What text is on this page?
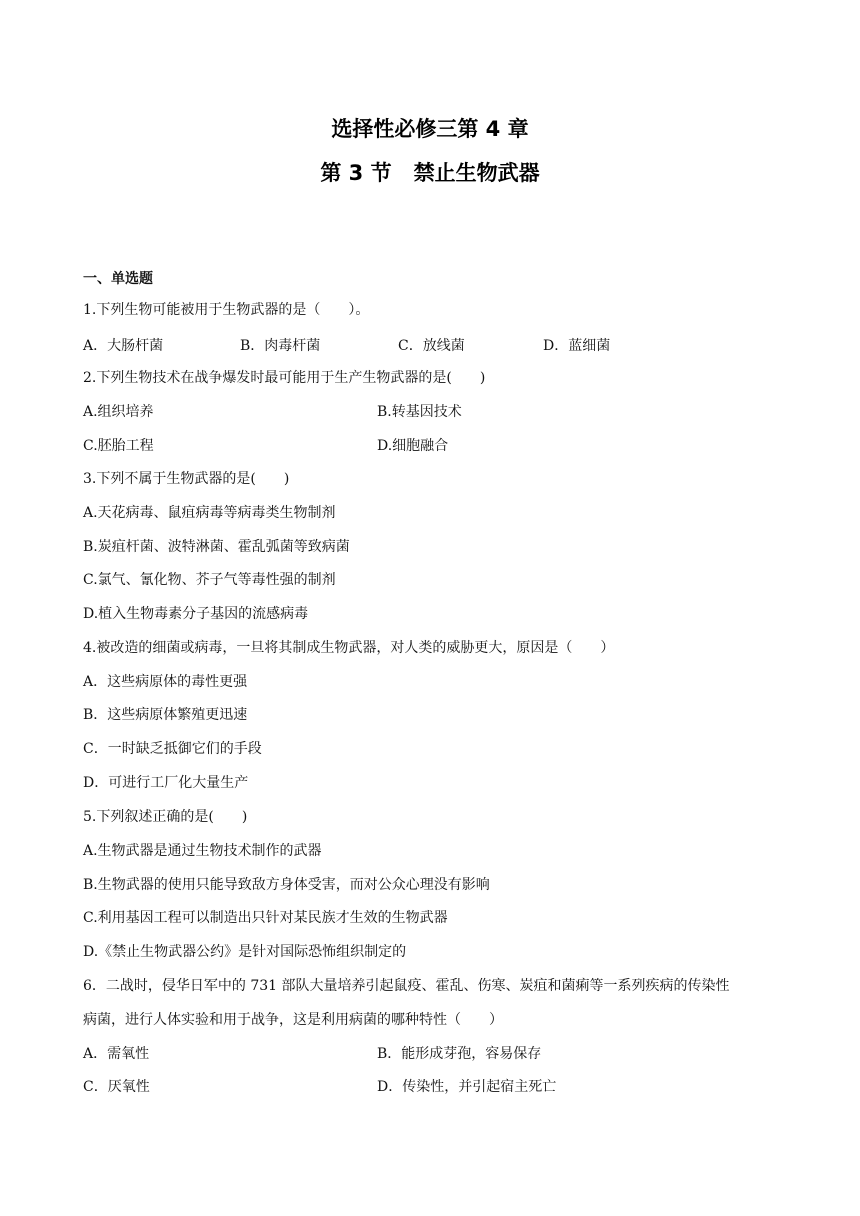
选择性必修三第 4 章
第 3 节 禁止生物武器
一、单选题
1.下列生物可能被用于生物武器的是（　　）。
A．大肠杆菌	B．肉毒杆菌	C．放线菌	D．蓝细菌
2.下列生物技术在战争爆发时最可能用于生产生物武器的是(　　)
A.组织培养	B.转基因技术
C.胚胎工程	D.细胞融合
3.下列不属于生物武器的是(　　)
A.天花病毒、鼠疽病毒等病毒类生物制剂
B.炭疽杆菌、波特淋菌、霍乱弧菌等致病菌
C.氯气、氰化物、芥子气等毒性强的制剂
D.植入生物毒素分子基因的流感病毒
4.被改造的细菌或病毒，一旦将其制成生物武器，对人类的威胁更大，原因是（　　）
A．这些病原体的毒性更强
B．这些病原体繁殖更迅速
C．一时缺乏抵御它们的手段
D．可进行工厂化大量生产
5.下列叙述正确的是(　　)
A.生物武器是通过生物技术制作的武器
B.生物武器的使用只能导致敌方身体受害，而对公众心理没有影响
C.利用基因工程可以制造出只针对某民族才生效的生物武器
D.《禁止生物武器公约》是针对国际恐怖组织制定的
6．二战时，侵华日军中的 731 部队大量培养引起鼠疫、霍乱、伤寒、炭疽和菌痢等一系列疾病的传染性
病菌，进行人体实验和用于战争，这是利用病菌的哪种特性（　　）
A．需氧性	B．能形成芽孢，容易保存
C．厌氧性	D．传染性，并引起宿主死亡
